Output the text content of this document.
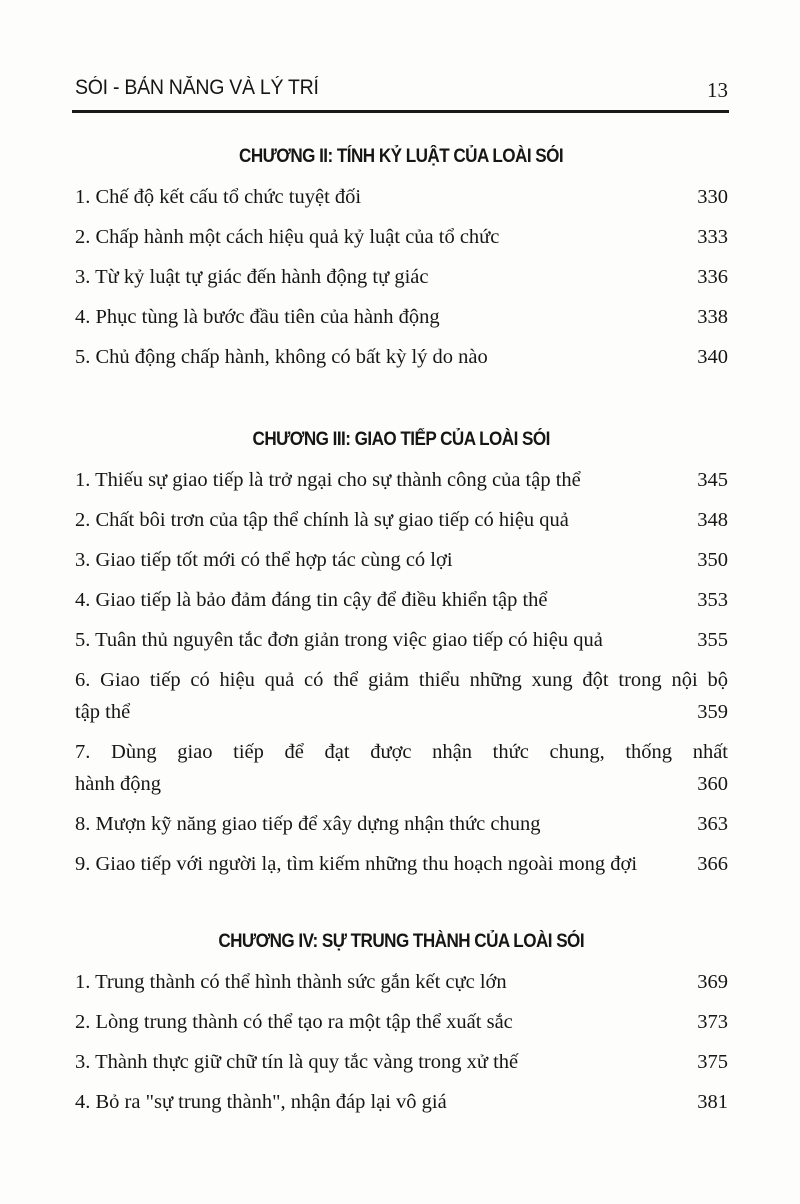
SÓI - BẢN NĂNG VÀ LÝ TRÍ	13
CHƯƠNG II: TÍNH KỶ LUẬT CỦA LOÀI SÓI
1. Chế độ kết cấu tổ chức tuyệt đối	330
2. Chấp hành một cách hiệu quả kỷ luật của tổ chức	333
3. Từ kỷ luật tự giác đến hành động tự giác	336
4. Phục tùng là bước đầu tiên của hành động	338
5. Chủ động chấp hành, không có bất kỳ lý do nào	340
CHƯƠNG III: GIAO TIẾP CỦA LOÀI SÓI
1. Thiếu sự giao tiếp là trở ngại cho sự thành công của tập thể	345
2. Chất bôi trơn của tập thể chính là sự giao tiếp có hiệu quả	348
3. Giao tiếp tốt mới có thể hợp tác cùng có lợi	350
4. Giao tiếp là bảo đảm đáng tin cậy để điều khiển tập thể	353
5. Tuân thủ nguyên tắc đơn giản trong việc giao tiếp có hiệu quả	355
6. Giao tiếp có hiệu quả có thể giảm thiểu những xung đột trong nội bộ
tập thể	359
7. Dùng giao tiếp để đạt được nhận thức chung, thống nhất
hành động	360
8. Mượn kỹ năng giao tiếp để xây dựng nhận thức chung	363
9. Giao tiếp với người lạ, tìm kiếm những thu hoạch ngoài mong đợi	366
CHƯƠNG IV: SỰ TRUNG THÀNH CỦA LOÀI SÓI
1. Trung thành có thể hình thành sức gắn kết cực lớn	369
2. Lòng trung thành có thể tạo ra một tập thể xuất sắc	373
3. Thành thực giữ chữ tín là quy tắc vàng trong xử thế	375
4. Bỏ ra "sự trung thành", nhận đáp lại vô giá	381
